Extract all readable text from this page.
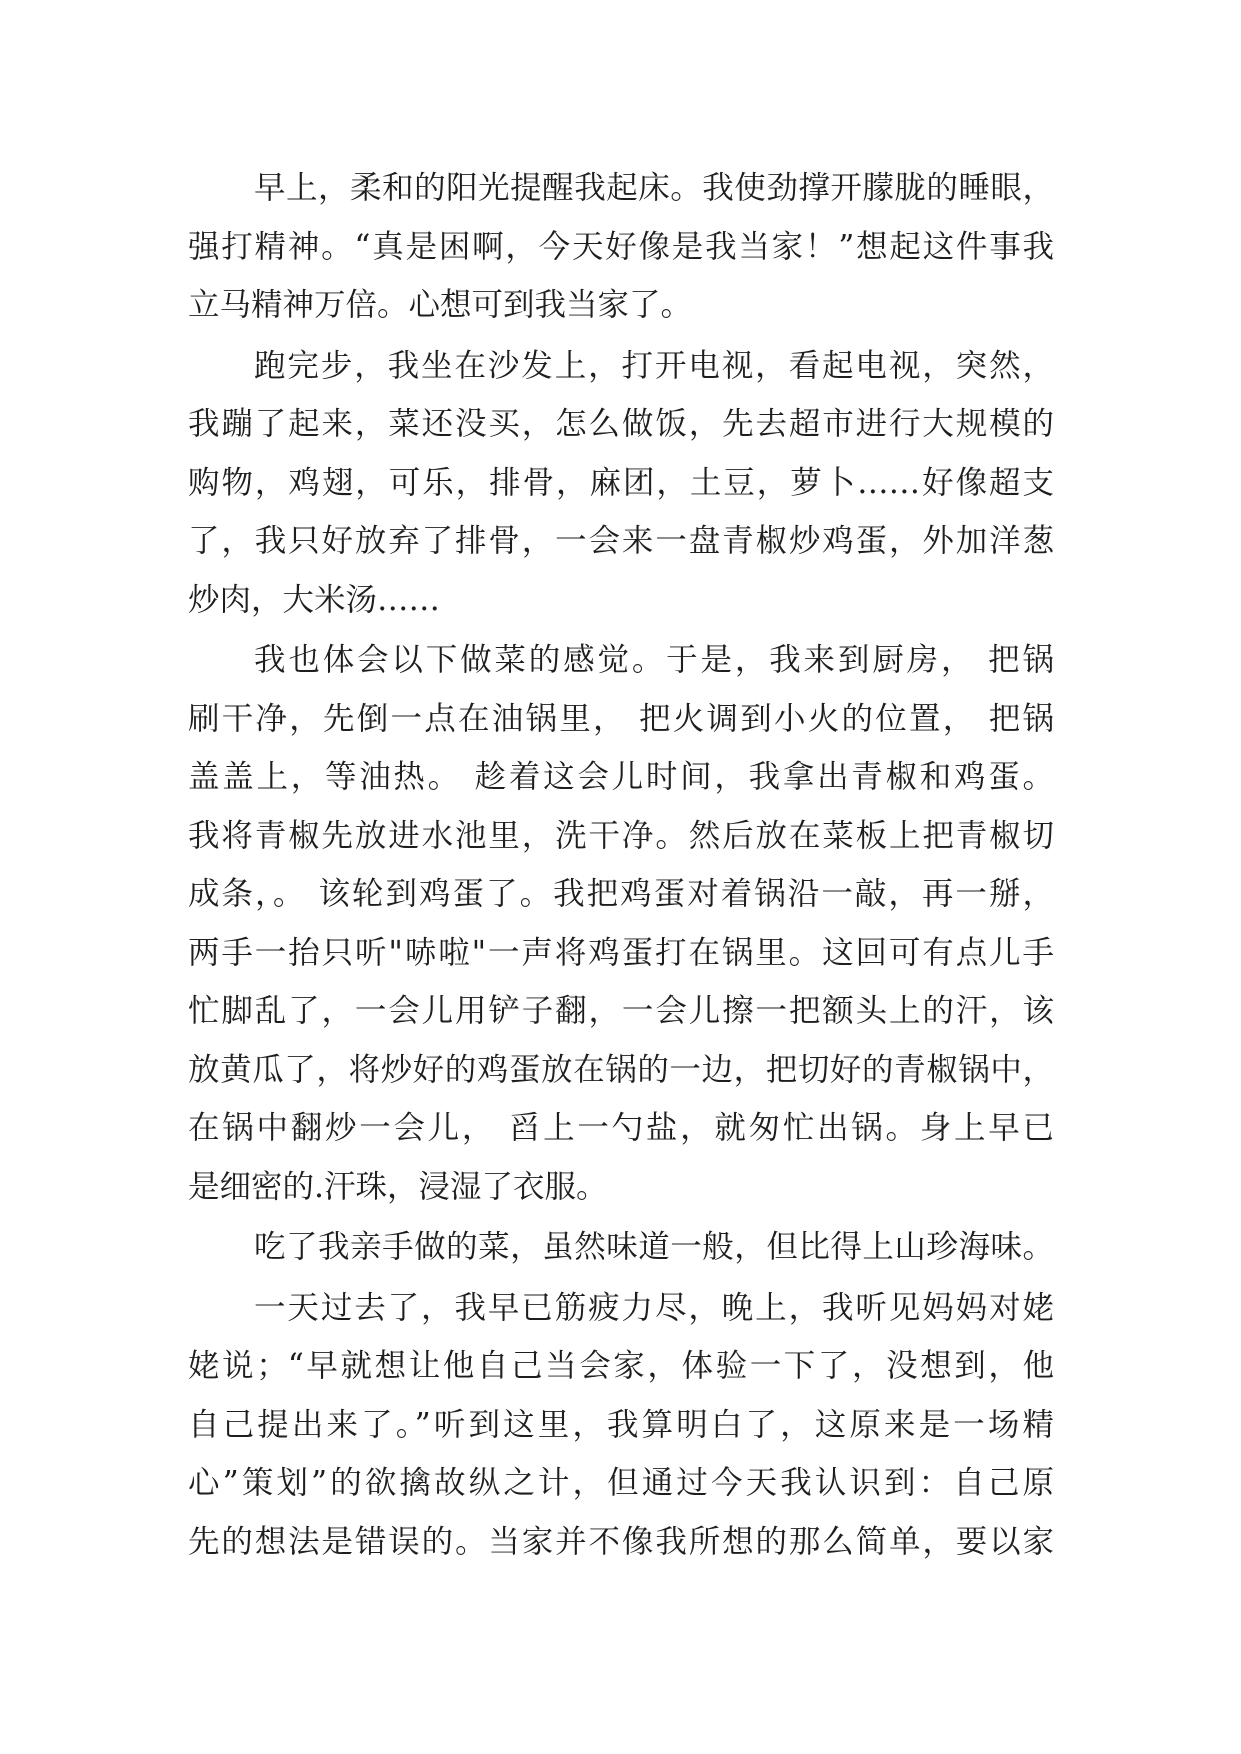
早上，柔和的阳光提醒我起床。我使劲撑开朦胧的睡眼，
强打精神。“真是困啊，今天好像是我当家！”想起这件事我
立马精神万倍。心想可到我当家了。
跑完步，我坐在沙发上，打开电视，看起电视，突然，
我蹦了起来，菜还没买，怎么做饭，先去超市进行大规模的
购物，鸡翅，可乐，排骨，麻团，土豆，萝卜……好像超支
了，我只好放弃了排骨，一会来一盘青椒炒鸡蛋，外加洋葱
炒肉，大米汤……
我也体会以下做菜的感觉。于是，我来到厨房， 把锅
刷干净，先倒一点在油锅里， 把火调到小火的位置， 把锅
盖盖上，等油热。 趁着这会儿时间，我拿出青椒和鸡蛋。
我将青椒先放进水池里，洗干净。然后放在菜板上把青椒切
成条，。 该轮到鸡蛋了。我把鸡蛋对着锅沿一敲，再一掰，
两手一抬只听"哧啦"一声将鸡蛋打在锅里。这回可有点儿手
忙脚乱了，一会儿用铲子翻，一会儿擦一把额头上的汗，该
放黄瓜了，将炒好的鸡蛋放在锅的一边，把切好的青椒锅中，
在锅中翻炒一会儿， 舀上一勺盐，就匆忙出锅。身上早已
是细密的.汗珠，浸湿了衣服。
吃了我亲手做的菜，虽然味道一般，但比得上山珍海味。
一天过去了，我早已筋疲力尽，晚上，我听见妈妈对姥
姥说；“早就想让他自己当会家，体验一下了，没想到，他
自己提出来了。”听到这里，我算明白了，这原来是一场精
心”策划”的欲擒故纵之计，但通过今天我认识到：自己原
先的想法是错误的。当家并不像我所想的那么简单，要以家
